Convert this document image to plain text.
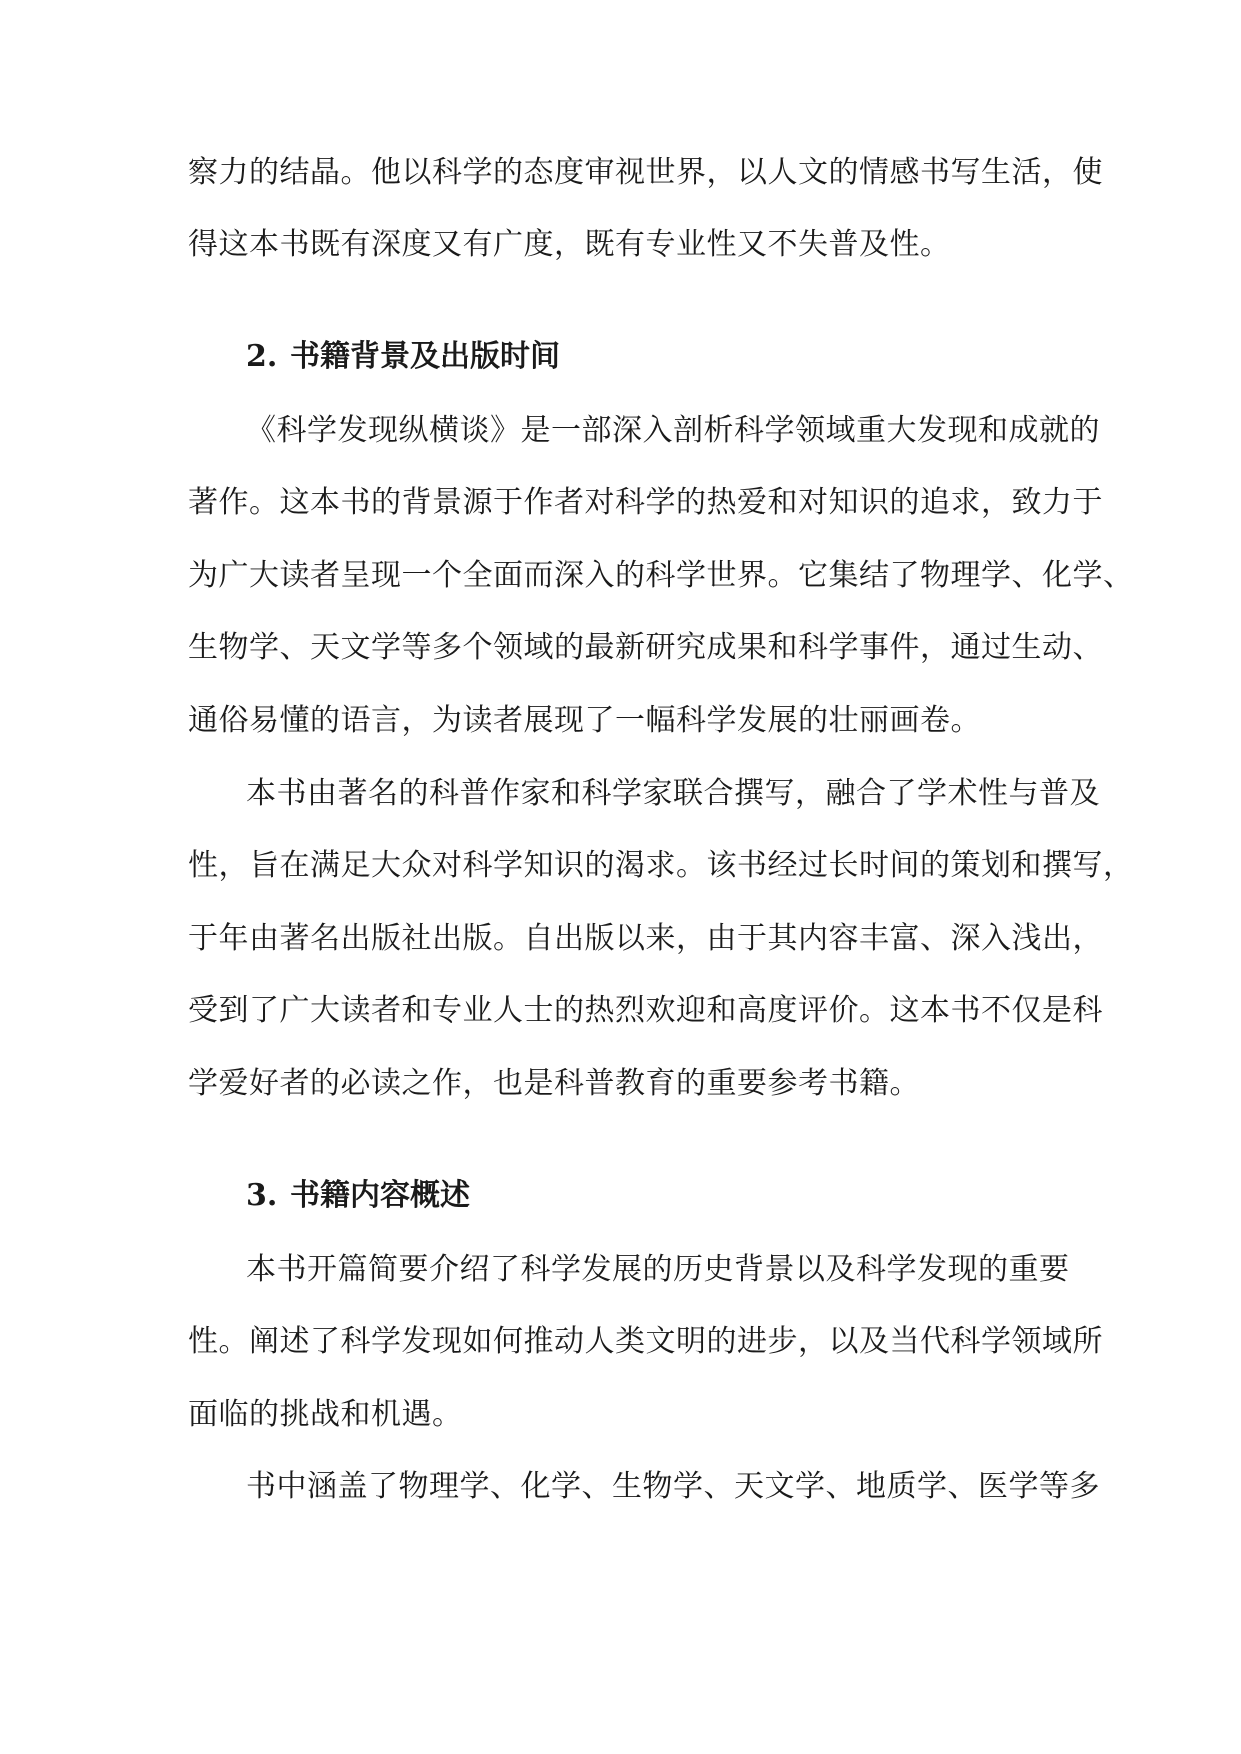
察力的结晶。他以科学的态度审视世界，以人文的情感书写生活，使
得这本书既有深度又有广度，既有专业性又不失普及性。
2. 书籍背景及出版时间
《科学发现纵横谈》是一部深入剖析科学领域重大发现和成就的
著作。这本书的背景源于作者对科学的热爱和对知识的追求，致力于
为广大读者呈现一个全面而深入的科学世界。它集结了物理学、化学、
生物学、天文学等多个领域的最新研究成果和科学事件，通过生动、
通俗易懂的语言，为读者展现了一幅科学发展的壮丽画卷。
本书由著名的科普作家和科学家联合撰写，融合了学术性与普及
性，旨在满足大众对科学知识的渴求。该书经过长时间的策划和撰写，
于年由著名出版社出版。自出版以来，由于其内容丰富、深入浅出，
受到了广大读者和专业人士的热烈欢迎和高度评价。这本书不仅是科
学爱好者的必读之作，也是科普教育的重要参考书籍。
3. 书籍内容概述
本书开篇简要介绍了科学发展的历史背景以及科学发现的重要
性。阐述了科学发现如何推动人类文明的进步，以及当代科学领域所
面临的挑战和机遇。
书中涵盖了物理学、化学、生物学、天文学、地质学、医学等多
